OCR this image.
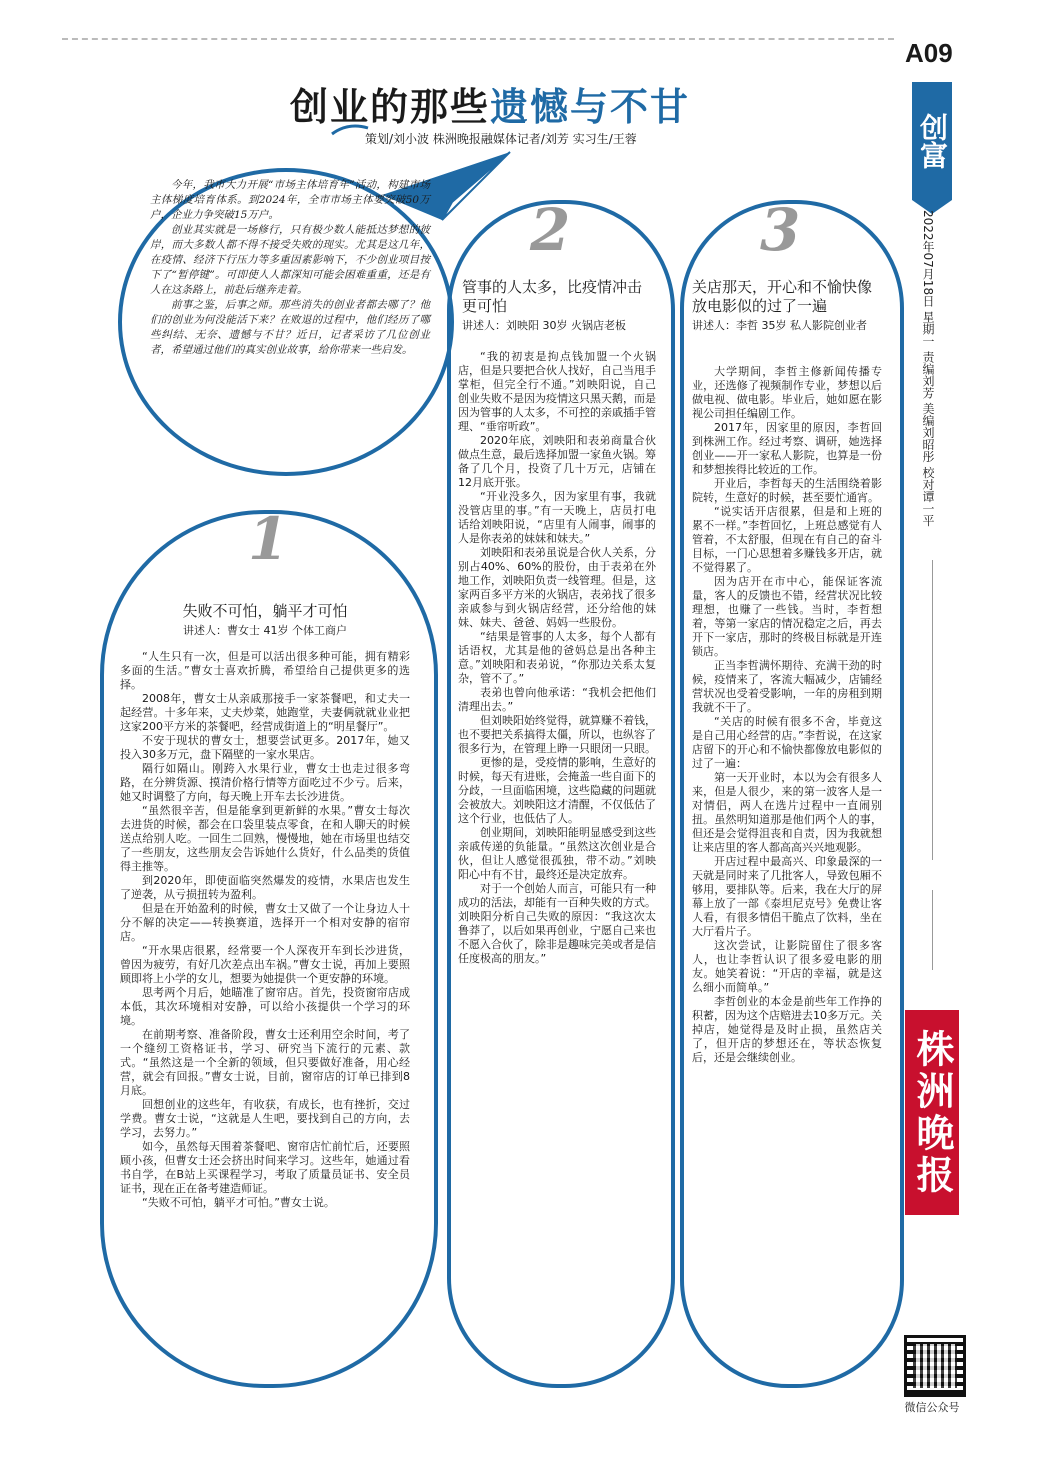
A09
创富
2022年07月18日 星期一 责编刘芳 美编刘昭彤 校对谭一平
创业的那些遗憾与不甘
策划/刘小波 株洲晚报融媒体记者/刘芳 实习生/王蓉

今年，我市大力开展“市场主体培育年”活动，构建市场主体梯度培育体系。到2024年，全市市场主体要突破50万户，企业力争突破15万户。

创业其实就是一场修行，只有极少数人能抵达梦想的彼岸，而大多数人都不得不接受失败的现实。尤其是这几年，在疫情、经济下行压力等多重因素影响下，不少创业项目按下了“暂停键”。可即使人人都深知可能会困难重重，还是有人在这条路上，前赴后继奔走着。

前事之鉴，后事之师。那些消失的创业者都去哪了？他们的创业为何没能活下来？在败退的过程中，他们经历了哪些纠结、无奈、遗憾与不甘？近日，记者采访了几位创业者，希望通过他们的真实创业故事，给你带来一些启发。

1
2	3
失败不可怕，躺平才可怕
讲述人：曹女士 41岁 个体工商户

“人生只有一次，但是可以活出很多种可能，拥有精彩多面的生活。”曹女士喜欢折腾，希望给自己提供更多的选择。

2008年，曹女士从亲戚那接手一家茶餐吧，和丈夫一起经营。十多年来，丈夫炒菜，她跑堂，夫妻俩就就业业把这家200平方米的茶餐吧，经营成街道上的“明星餐厅”。

不安于现状的曹女士，想要尝试更多。2017年，她又投入30多万元，盘下隔壁的一家水果店。

隔行如隔山。刚跨入水果行业，曹女士也走过很多弯路，在分辨货源、摸清价格行情等方面吃过不少亏。后来，她又时调整了方向，每天晚上开车去长沙进货。

“虽然很辛苦，但是能拿到更新鲜的水果。”曹女士每次去进货的时候，都会在口袋里装点零食，在和人聊天的时候送点给别人吃。一回生二回熟，慢慢地，她在市场里也结交了一些朋友，这些朋友会告诉她什么货好，什么品类的货值得主推等。

到2020年，即使面临突然爆发的疫情，水果店也发生了逆袭，从亏损扭转为盈利。

但是在开始盈利的时候，曹女士又做了一个让身边人十分不解的决定——转换赛道，选择开一个相对安静的宿帘店。

“开水果店很累，经常要一个人深夜开车到长沙进货，曾因为疲劳，有好几次差点出车祸。”曹女士说，再加上要照顾即将上小学的女儿，想要为她提供一个更安静的环境。

思考两个月后，她瞄准了窗帘店。首先，投资窗帘店成本低，其次环境相对安静，可以给小孩提供一个学习的环境。

在前期考察、准备阶段，曹女士还利用空余时间，考了一个缝纫工资格证书，学习、研究当下流行的元素、款式。“虽然这是一个全新的领域，但只要做好准备，用心经营，就会有回报。”曹女士说，目前，窗帘店的订单已排到8月底。

回想创业的这些年，有收获，有成长，也有挫折，交过学费。曹女士说，“这就是人生吧，要找到自己的方向，去学习，去努力。”

如今，虽然每天围着茶餐吧、窗帘店忙前忙后，还要照顾小孩，但曹女士还会挤出时间来学习。这些年，她通过看书自学，在B站上买课程学习，考取了质量员证书、安全员证书，现在正在备考建造师证。

“失败不可怕，躺平才可怕。”曹女士说。

管事的人太多，比疫情冲击更可怕
讲述人：刘映阳 30岁 火锅店老板

“我的初衷是拘点钱加盟一个火锅店，但是只要把合伙人找好，自己当甩手掌柜，但完全行不通。”刘映阳说，自己创业失败不是因为疫情这只黑天鹅，而是因为管事的人太多，不可控的亲戚插手管理、“垂帘听政”。

2020年底，刘映阳和表弟商量合伙做点生意，最后选择加盟一家鱼火锅。筹备了几个月，投资了几十万元，店铺在12月底开张。

“开业没多久，因为家里有事，我就没管店里的事。”有一天晚上，店员打电话给刘映阳说，“店里有人闹事，闹事的人是你表弟的妹妹和妹夫。”

刘映阳和表弟虽说是合伙人关系，分别占40%、60%的股份，由于表弟在外地工作，刘映阳负责一线管理。但是，这家两百多平方米的火锅店，表弟找了很多亲戚参与到火锅店经营，还分给他的妹妹、妹夫、爸爸、妈妈一些股份。

“结果是管事的人太多，每个人都有话语权，尤其是他的爸妈总是出各种主意。”刘映阳和表弟说，“你那边关系太复杂，管不了。”

表弟也曾向他承诺：“我机会把他们清理出去。”

但刘映阳始终觉得，就算赚不着钱，也不要把关系搞得太僵，所以，也纵容了很多行为，在管理上睁一只眼闭一只眼。

更惨的是，受疫情的影响，生意好的时候，每天有进账，会掩盖一些自面下的分歧，一旦面临困境，这些隐藏的问题就会被放大。刘映阳这才清醒，不仅低估了这个行业，也低估了人。

创业期间，刘映阳能明显感受到这些亲戚传递的负能量。“虽然这次创业是合伙，但让人感觉很孤独，带不动。”刘映阳心中有不甘，最终还是决定放弃。

对于一个创始人而言，可能只有一种成功的活法，却能有一百种失败的方式。刘映阳分析自己失败的原因：“我这次太鲁莽了，以后如果再创业，宁愿自己来也不愿入合伙了，除非是趣味完美或者是信任度极高的朋友。”

关店那天，开心和不愉快像放电影似的过了一遍
讲述人：李哲 35岁 私人影院创业者

大学期间，李哲主修新闻传播专业，还选修了视频制作专业，梦想以后做电视、做电影。毕业后，她如愿在影视公司担任编剧工作。

2017年，因家里的原因，李哲回到株洲工作。经过考察、调研，她选择创业——开一家私人影院，也算是一份和梦想挨得比较近的工作。

开业后，李哲每天的生活围绕着影院转，生意好的时候，甚至要忙通宵。

“说实话开店很累，但是和上班的累不一样。”李哲回忆，上班总感觉有人管着，不太舒服，但现在有自己的奋斗目标，一门心思想着多赚钱多开店，就不觉得累了。

因为店开在市中心，能保证客流量，客人的反馈也不错，经营状况比较理想，也赚了一些钱。当时，李哲想着，等第一家店的情况稳定之后，再去开下一家店，那时的终极目标就是开连锁店。

正当李哲满怀期待、充满干劲的时候，疫情来了，客流大幅减少，店铺经营状况也受着受影响，一年的房租到期我就不干了。

“关店的时候有很多不舍，毕竟这是自己用心经营的店。”李哲说，在这家店留下的开心和不愉快都像放电影似的过了一遍：

第一天开业时，本以为会有很多人来，但是人很少，来的第一波客人是一对情侣，两人在选片过程中一直闹别扭。虽然明知道那是他们两个人的事，但还是会觉得沮丧和自责，因为我就想让来店里的客人都高高兴兴地观影。

开店过程中最高兴、印象最深的一天就是同时来了几批客人，导致包厢不够用，要排队等。后来，我在大厅的屏幕上放了一部《泰坦尼克号》免费让客人看，有很多情侣干脆点了饮料，坐在大厅看片子。

这次尝试，让影院留住了很多客人，也让李哲认识了很多爱电影的朋友。她笑着说：“开店的幸福，就是这么细小而简单。”

李哲创业的本金是前些年工作挣的积蓄，因为这个店赔进去10多万元。关掉店，她觉得是及时止损，虽然店关了，但开店的梦想还在，等状态恢复后，还是会继续创业。	株洲晚报
微信公众号
